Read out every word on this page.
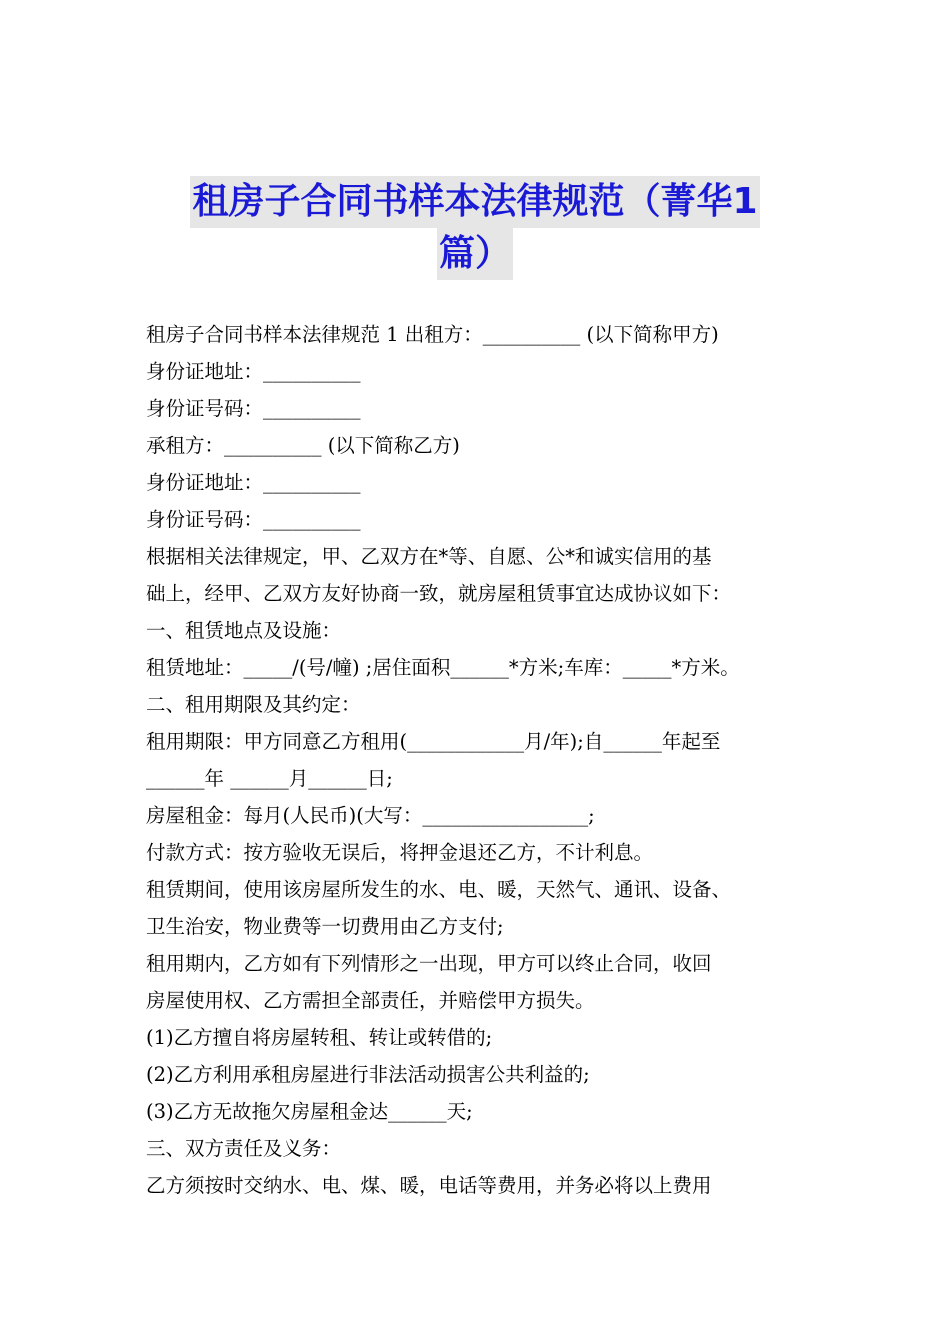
租房子合同书样本法律规范（菁华1
篇）
租房子合同书样本法律规范 1 出租方：__________ (以下简称甲方)
身份证地址：__________
身份证号码：__________
承租方：__________ (以下简称乙方)
身份证地址：__________
身份证号码：__________
根据相关法律规定，甲、乙双方在*等、自愿、公*和诚实信用的基
础上，经甲、乙双方友好协商一致，就房屋租赁事宜达成协议如下：
一、租赁地点及设施：
租赁地址：_____/(号/幢) ;居住面积______*方米;车库：_____*方米。
二、租用期限及其约定：
租用期限：甲方同意乙方租用(____________月/年);自______年起至
______年 ______月______日;
房屋租金：每月(人民币)(大写：_________________;
付款方式：按方验收无误后，将押金退还乙方，不计利息。
租赁期间，使用该房屋所发生的水、电、暖，天然气、通讯、设备、
卫生治安，物业费等一切费用由乙方支付;
租用期内，乙方如有下列情形之一出现，甲方可以终止合同，收回
房屋使用权、乙方需担全部责任，并赔偿甲方损失。
(1)乙方擅自将房屋转租、转让或转借的;
(2)乙方利用承租房屋进行非法活动损害公共利益的;
(3)乙方无故拖欠房屋租金达______天;
三、双方责任及义务：
乙方须按时交纳水、电、煤、暖，电话等费用，并务必将以上费用
